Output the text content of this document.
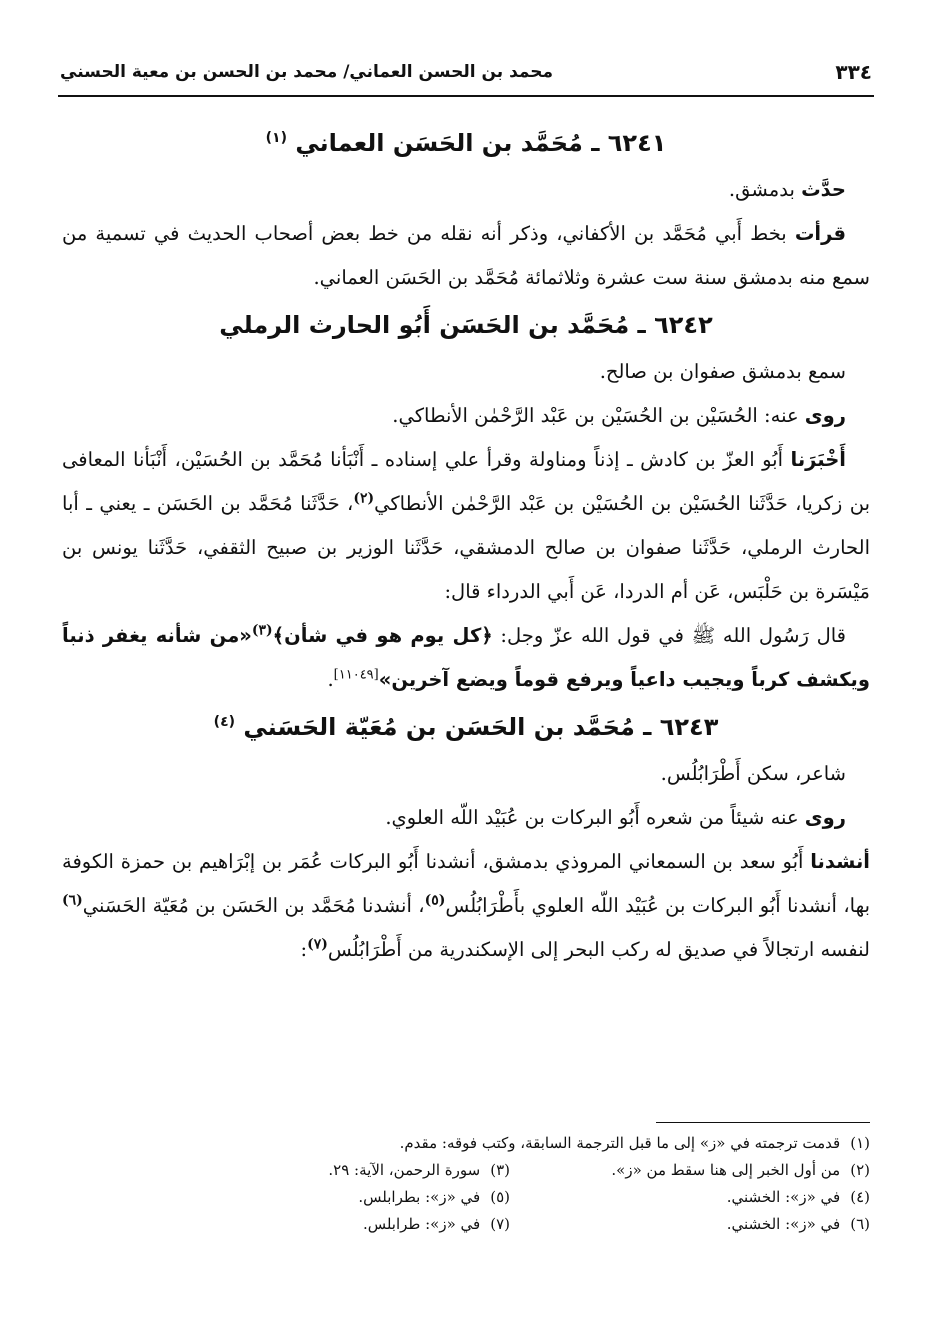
٣٣٤
محمد بن الحسن العماني/ محمد بن الحسن بن معية الحسني
٦٢٤١ ـ مُحَمَّد بن الحَسَن العماني $^{(١)}$

حدَّث بدمشق.

قرأت بخط أَبي مُحَمَّد بن الأكفاني، وذكر أنه نقله من خط بعض أصحاب الحديث في تسمية من سمع منه بدمشق سنة ست عشرة وثلاثمائة مُحَمَّد بن الحَسَن العماني.

٦٢٤٢ ـ مُحَمَّد بن الحَسَن أَبُو الحارث الرملي

سمع بدمشق صفوان بن صالح.

روى عنه: الحُسَيْن بن الحُسَيْن بن عَبْد الرَّحْمٰن الأنطاكي.

أَخْبَرَنا أَبُو العزّ بن كادش ـ إذناً ومناولة وقرأ علي إسناده ـ أَنْبَأنا مُحَمَّد بن الحُسَيْن، أَنْبَأنا المعافى بن زكريا، حَدَّثَنا الحُسَيْن بن الحُسَيْن بن عَبْد الرَّحْمٰن الأنطاكي$^{(٢)}$، حَدَّثَنا مُحَمَّد بن الحَسَن ـ يعني ـ أبا الحارث الرملي، حَدَّثَنا صفوان بن صالح الدمشقي، حَدَّثَنا الوزير بن صبيح الثقفي، حَدَّثَنا يونس بن مَيْسَرة بن حَلْبَس، عَن أم الدردا، عَن أَبي الدرداء قال:

قال رَسُول الله ﷺ في قول الله عزّ وجل: ﴿كل يوم هو في شأن﴾$^{(٣)}$«من شأنه يغفر ذنباً ويكشف كرباً ويجيب داعياً ويرفع قوماً ويضع آخرين»[١١٠٤٩].

٦٢٤٣ ـ مُحَمَّد بن الحَسَن بن مُعَيّة الحَسَني $^{(٤)}$

شاعر، سكن أَطْرَابُلُس.

روى عنه شيئاً من شعره أَبُو البركات بن عُبَيْد اللّه العلوي.

أنشدنا أَبُو سعد بن السمعاني المروذي بدمشق، أنشدنا أَبُو البركات عُمَر بن إبْرَاهيم بن حمزة الكوفة بها، أنشدنا أَبُو البركات بن عُبَيْد اللّه العلوي بأَطْرَابُلُس$^{(٥)}$، أنشدنا مُحَمَّد بن الحَسَن بن مُعَيّة الحَسَني$^{(٦)}$ لنفسه ارتجالاً في صديق له ركب البحر إلى الإسكندرية من أَطْرَابُلُس$^{(٧)}$:

(١)قدمت ترجمته في «ز» إلى ما قبل الترجمة السابقة، وكتب فوقه: مقدم.
(٢)من أول الخبر إلى هنا سقط من «ز».
(٣)سورة الرحمن، الآية: ٢٩.
(٤)في «ز»: الخشني.
(٥)في «ز»: بطرابلس.
(٦)في «ز»: الخشني.
(٧)في «ز»: طرابلس.
